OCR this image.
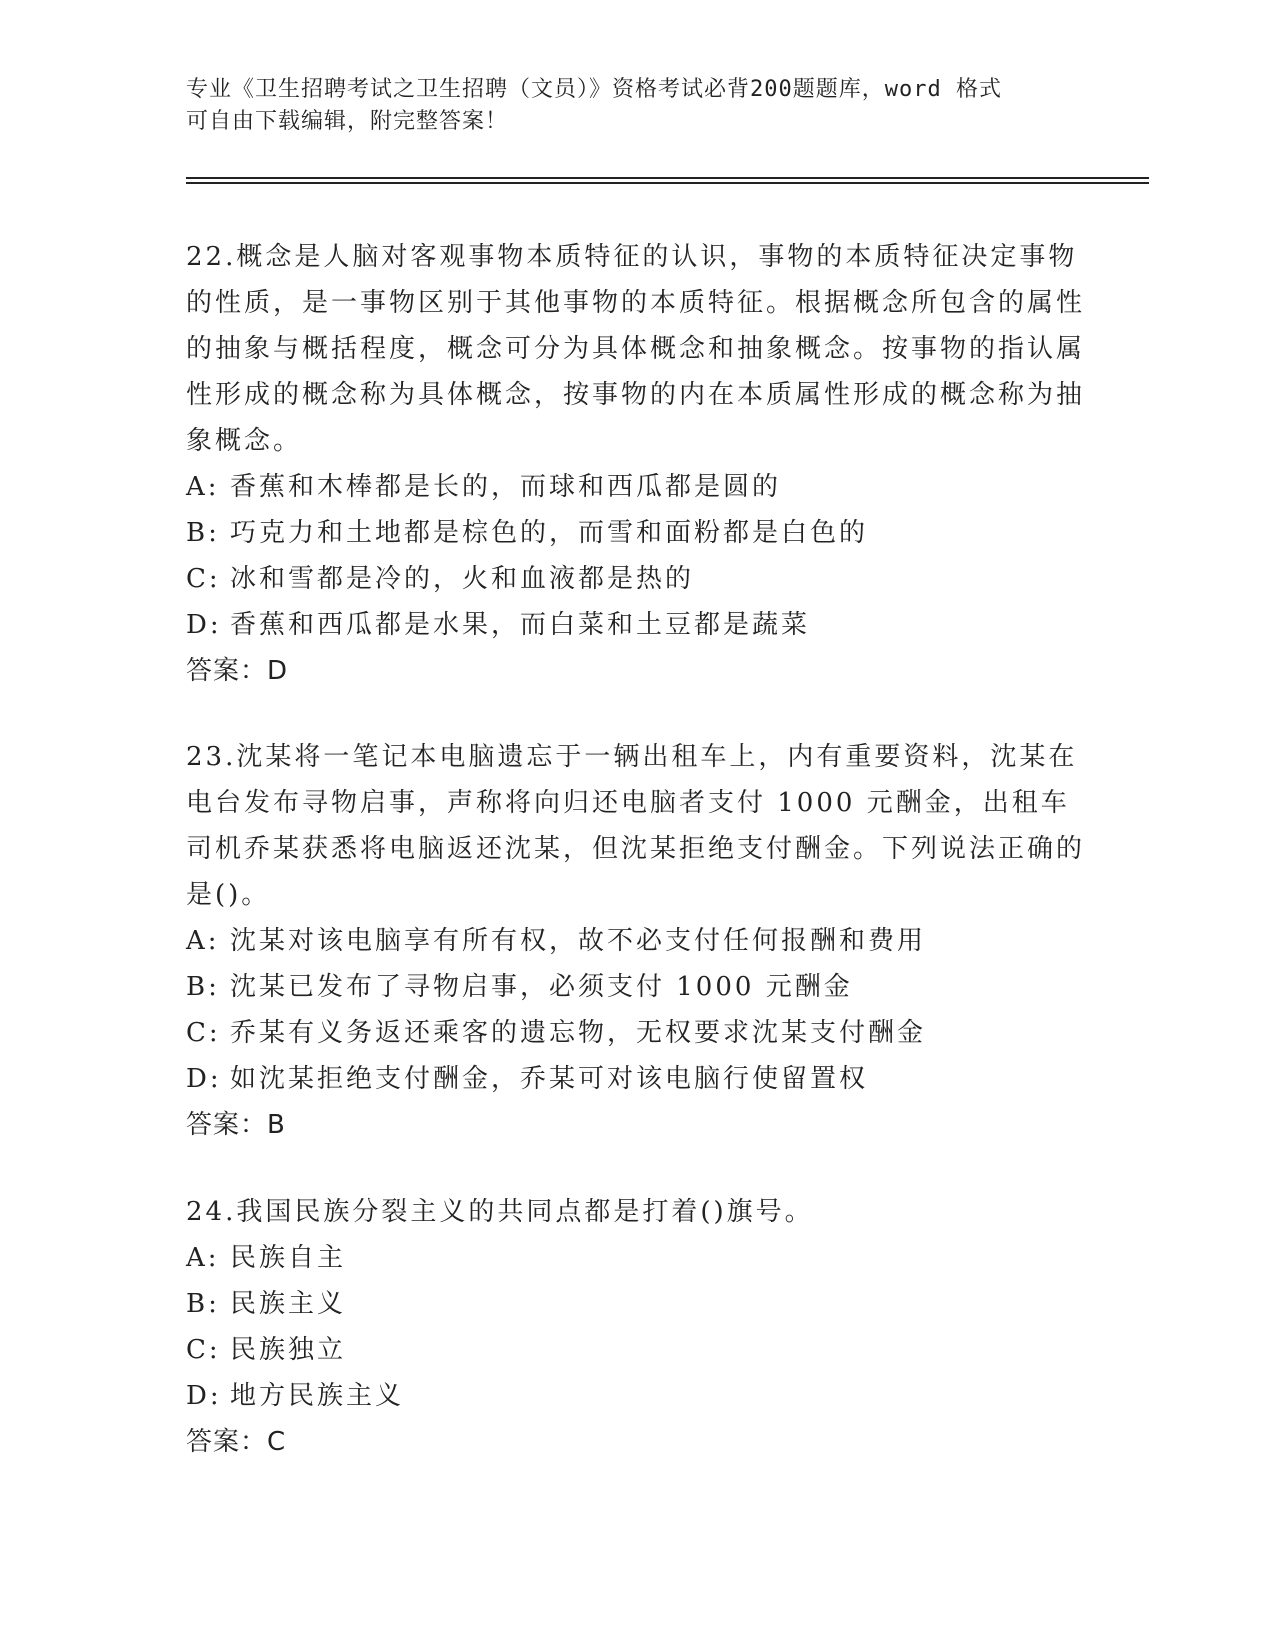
专业《卫生招聘考试之卫生招聘（文员）》资格考试必背200题题库，word 格式
可自由下载编辑，附完整答案！
22.概念是人脑对客观事物本质特征的认识，事物的本质特征决定事物的性质，是一事物区别于其他事物的本质特征。根据概念所包含的属性的抽象与概括程度，概念可分为具体概念和抽象概念。按事物的指认属性形成的概念称为具体概念，按事物的内在本质属性形成的概念称为抽象概念。
A: 香蕉和木棒都是长的，而球和西瓜都是圆的
B: 巧克力和土地都是棕色的，而雪和面粉都是白色的
C: 冰和雪都是冷的，火和血液都是热的
D: 香蕉和西瓜都是水果，而白菜和土豆都是蔬菜
答案：D
23.沈某将一笔记本电脑遗忘于一辆出租车上，内有重要资料，沈某在电台发布寻物启事，声称将向归还电脑者支付 1000 元酬金，出租车司机乔某获悉将电脑返还沈某，但沈某拒绝支付酬金。下列说法正确的是()。
A: 沈某对该电脑享有所有权，故不必支付任何报酬和费用
B: 沈某已发布了寻物启事，必须支付 1000 元酬金
C: 乔某有义务返还乘客的遗忘物，无权要求沈某支付酬金
D: 如沈某拒绝支付酬金，乔某可对该电脑行使留置权
答案：B
24.我国民族分裂主义的共同点都是打着()旗号。
A: 民族自主
B: 民族主义
C: 民族独立
D: 地方民族主义
答案：C
